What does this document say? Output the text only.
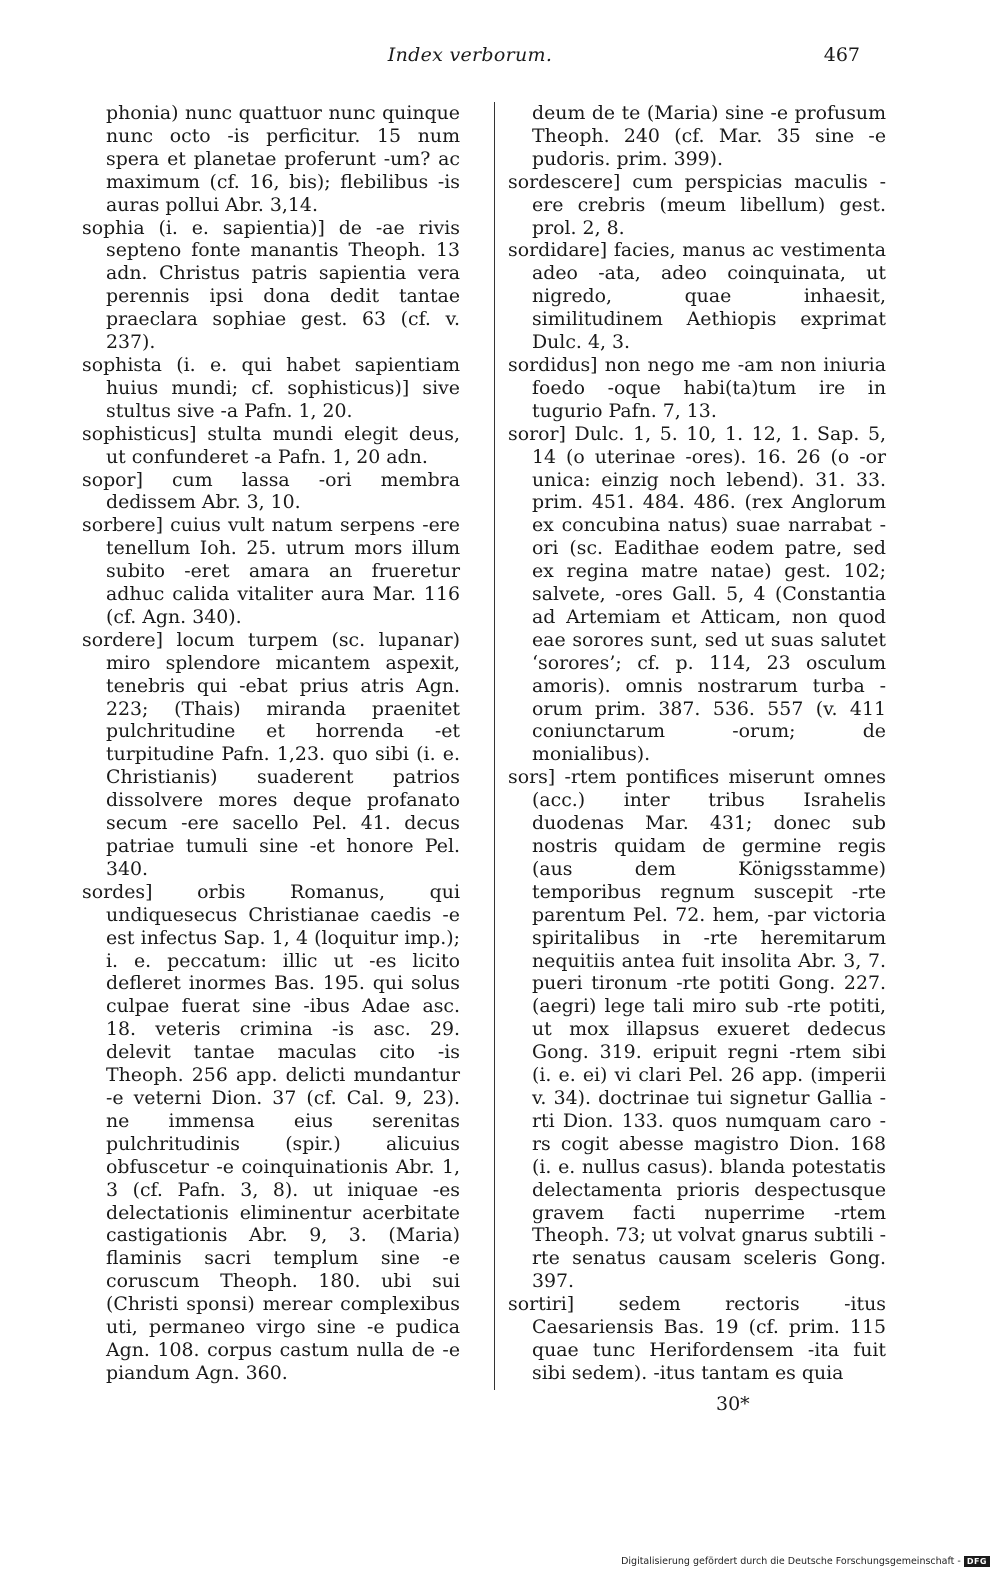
Index verborum.	467

phonia) nunc quattuor nunc quinque nunc octo -is perficitur. 15 num spera et planetae proferunt -um? ac maximum (cf. 16, bis); flebilibus -is auras pollui Abr. 3,14.

sophia (i. e. sapientia)] de -ae rivis septeno fonte manantis Theoph. 13 adn. Christus patris sapientia vera perennis ipsi dona dedit tantae praeclara sophiae gest. 63 (cf. v. 237).

sophista (i. e. qui habet sapientiam huius mundi; cf. sophisticus)] sive stultus sive -a Pafn. 1, 20.

sophisticus] stulta mundi elegit deus, ut confunderet -a Pafn. 1, 20 adn.

sopor] cum lassa -ori membra dedissem Abr. 3, 10.

sorbere] cuius vult natum serpens -ere tenellum Ioh. 25. utrum mors illum subito -eret amara an frueretur adhuc calida vitaliter aura Mar. 116 (cf. Agn. 340).

sordere] locum turpem (sc. lupanar) miro splendore micantem aspexit, tenebris qui -ebat prius atris Agn. 223; (Thais) miranda praenitet pulchritudine et horrenda -et turpitudine Pafn. 1,23. quo sibi (i. e. Christianis) suaderent patrios dissolvere mores deque profanato secum -ere sacello Pel. 41. decus patriae tumuli sine -et honore Pel. 340.

sordes] orbis Romanus, qui undiquesecus Christianae caedis -e est infectus Sap. 1, 4 (loquitur imp.); i. e. peccatum: illic ut -es licito defleret inormes Bas. 195. qui solus culpae fuerat sine -ibus Adae asc. 18. veteris crimina -is asc. 29. delevit tantae maculas cito -is Theoph. 256 app. delicti mundantur -e veterni Dion. 37 (cf. Cal. 9, 23). ne immensa eius serenitas pulchritudinis (spir.) alicuius obfuscetur -e coinquinationis Abr. 1, 3 (cf. Pafn. 3, 8). ut iniquae -es delectationis eliminentur acerbitate castigationis Abr. 9, 3. (Maria) flaminis sacri templum sine -e coruscum Theoph. 180. ubi sui (Christi sponsi) merear complexibus uti, permaneo virgo sine -e pudica Agn. 108. corpus castum nulla de -e piandum Agn. 360.

deum de te (Maria) sine -e profusum Theoph. 240 (cf. Mar. 35 sine -e pudoris. prim. 399).

sordescere] cum perspicias maculis -ere crebris (meum libellum) gest. prol. 2, 8.

sordidare] facies, manus ac vestimenta adeo -ata, adeo coinquinata, ut nigredo, quae inhaesit, similitudinem Aethiopis exprimat Dulc. 4, 3.

sordidus] non nego me -am non iniuria foedo -oque habi(ta)tum ire in tugurio Pafn. 7, 13.

soror] Dulc. 1, 5. 10, 1. 12, 1. Sap. 5, 14 (o uterinae -ores). 16. 26 (o -or unica: einzig noch lebend). 31. 33. prim. 451. 484. 486. (rex Anglorum ex concubina natus) suae narrabat -ori (sc. Eadithae eodem patre, sed ex regina matre natae) gest. 102; salvete, -ores Gall. 5, 4 (Constantia ad Artemiam et Atticam, non quod eae sorores sunt, sed ut suas salutet ‘sorores’; cf. p. 114, 23 osculum amoris). omnis nostrarum turba -orum prim. 387. 536. 557 (v. 411 coniunctarum -orum; de monialibus).

sors] -rtem pontifices miserunt omnes (acc.) inter tribus Israhelis duodenas Mar. 431; donec sub nostris quidam de germine regis (aus dem Königsstamme) temporibus regnum suscepit -rte parentum Pel. 72. hem, -par victoria spiritalibus in -rte heremitarum nequitiis antea fuit insolita Abr. 3, 7. pueri tironum -rte potiti Gong. 227. (aegri) lege tali miro sub -rte potiti, ut mox illapsus exueret dedecus Gong. 319. eripuit regni -rtem sibi (i. e. ei) vi clari Pel. 26 app. (imperii v. 34). doctrinae tui signetur Gallia -rti Dion. 133. quos numquam caro -rs cogit abesse magistro Dion. 168 (i. e. nullus casus). blanda potestatis delectamenta prioris despectusque gravem facti nuperrime -rtem Theoph. 73; ut volvat gnarus subtili -rte senatus causam sceleris Gong. 397.

sortiri] sedem rectoris -itus Caesariensis Bas. 19 (cf. prim. 115 quae tunc Herifordensem -ita fuit sibi sedem). -itus tantam es quia

30*
Digitalisierung gefördert durch die Deutsche Forschungsgemeinschaft - DFG
